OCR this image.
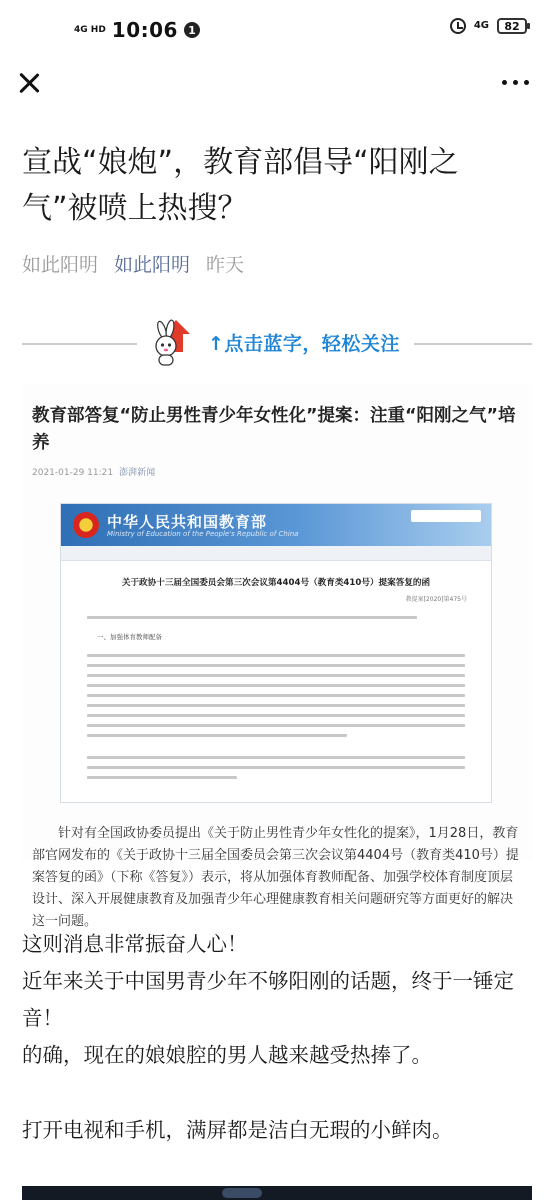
4G HD 10:06 1	4G	82
宣战“娘炮”，教育部倡导“阳刚之气”被喷上热搜？
如此阳明 如此阳明 昨天
↑点击蓝字，轻松关注
教育部答复“防止男性青少年女性化”提案：注重“阳刚之气”培养
2021-01-29 11:21 澎湃新闻
中华人民共和国教育部
Ministry of Education of the People's Republic of China
关于政协十三届全国委员会第三次会议第4404号（教育类410号）提案答复的函
教提案[2020]第475号
一、加强体育教师配备

针对有全国政协委员提出《关于防止男性青少年女性化的提案》，1月28日，教育部官网发布的《关于政协十三届全国委员会第三次会议第4404号（教育类410号）提案答复的函》（下称《答复》）表示，将从加强体育教师配备、加强学校体育制度顶层设计、深入开展健康教育及加强青少年心理健康教育相关问题研究等方面更好的解决这一问题。

这则消息非常振奋人心！

近年来关于中国男青少年不够阳刚的话题，终于一锤定音！

的确，现在的娘娘腔的男人越来越受热捧了。

打开电视和手机，满屏都是洁白无瑕的小鲜肉。
